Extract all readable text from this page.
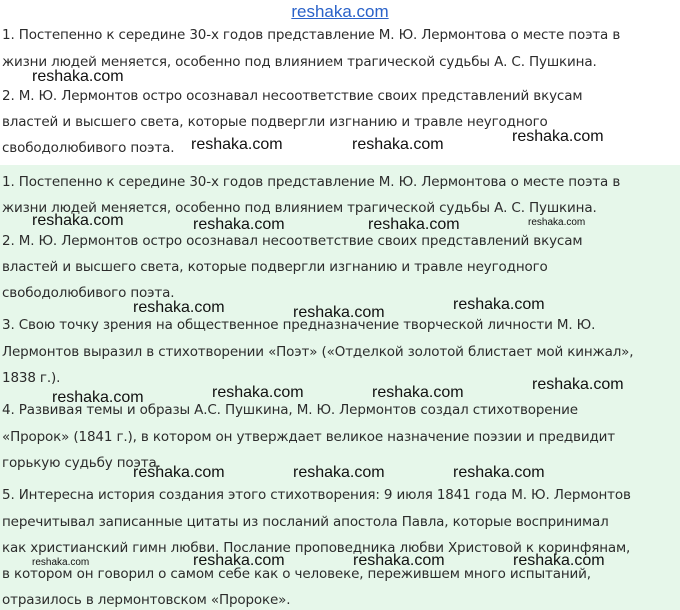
reshaka.com
1. Постепенно к середине 30-х годов представление М. Ю. Лермонтова о месте поэта в
жизни людей меняется, особенно под влиянием трагической судьбы А. С. Пушкина.
2. М. Ю. Лермонтов остро осознавал несоответствие своих представлений вкусам
властей и высшего света, которые подвергли изгнанию и травле неугодного
свободолюбивого поэта.
reshaka.com
reshaka.com	reshaka.com	reshaka.com
1. Постепенно к середине 30-х годов представление М. Ю. Лермонтова о месте поэта в
жизни людей меняется, особенно под влиянием трагической судьбы А. С. Пушкина.
2. М. Ю. Лермонтов остро осознавал несоответствие своих представлений вкусам
властей и высшего света, которые подвергли изгнанию и травле неугодного
свободолюбивого поэта.
3. Свою точку зрения на общественное предназначение творческой личности М. Ю.
Лермонтов выразил в стихотворении «Поэт» («Отделкой золотой блистает мой кинжал»,
1838 г.).
4. Развивая темы и образы А.С. Пушкина, М. Ю. Лермонтов создал стихотворение
«Пророк» (1841 г.), в котором он утверждает великое назначение поэзии и предвидит
горькую судьбу поэта.
5. Интересна история создания этого стихотворения: 9 июля 1841 года М. Ю. Лермонтов
перечитывал записанные цитаты из посланий апостола Павла, которые воспринимал
как христианский гимн любви. Послание проповедника любви Христовой к коринфянам,
в котором он говорил о самом себе как о человеке, пережившем много испытаний,
отразилось в лермонтовском «Пророке».
reshaka.com	reshaka.com	reshaka.com	reshaka.com
reshaka.com	reshaka.com	reshaka.com
reshaka.com	reshaka.com	reshaka.com	reshaka.com
reshaka.com	reshaka.com	reshaka.com
reshaka.com	reshaka.com	reshaka.com	reshaka.com
